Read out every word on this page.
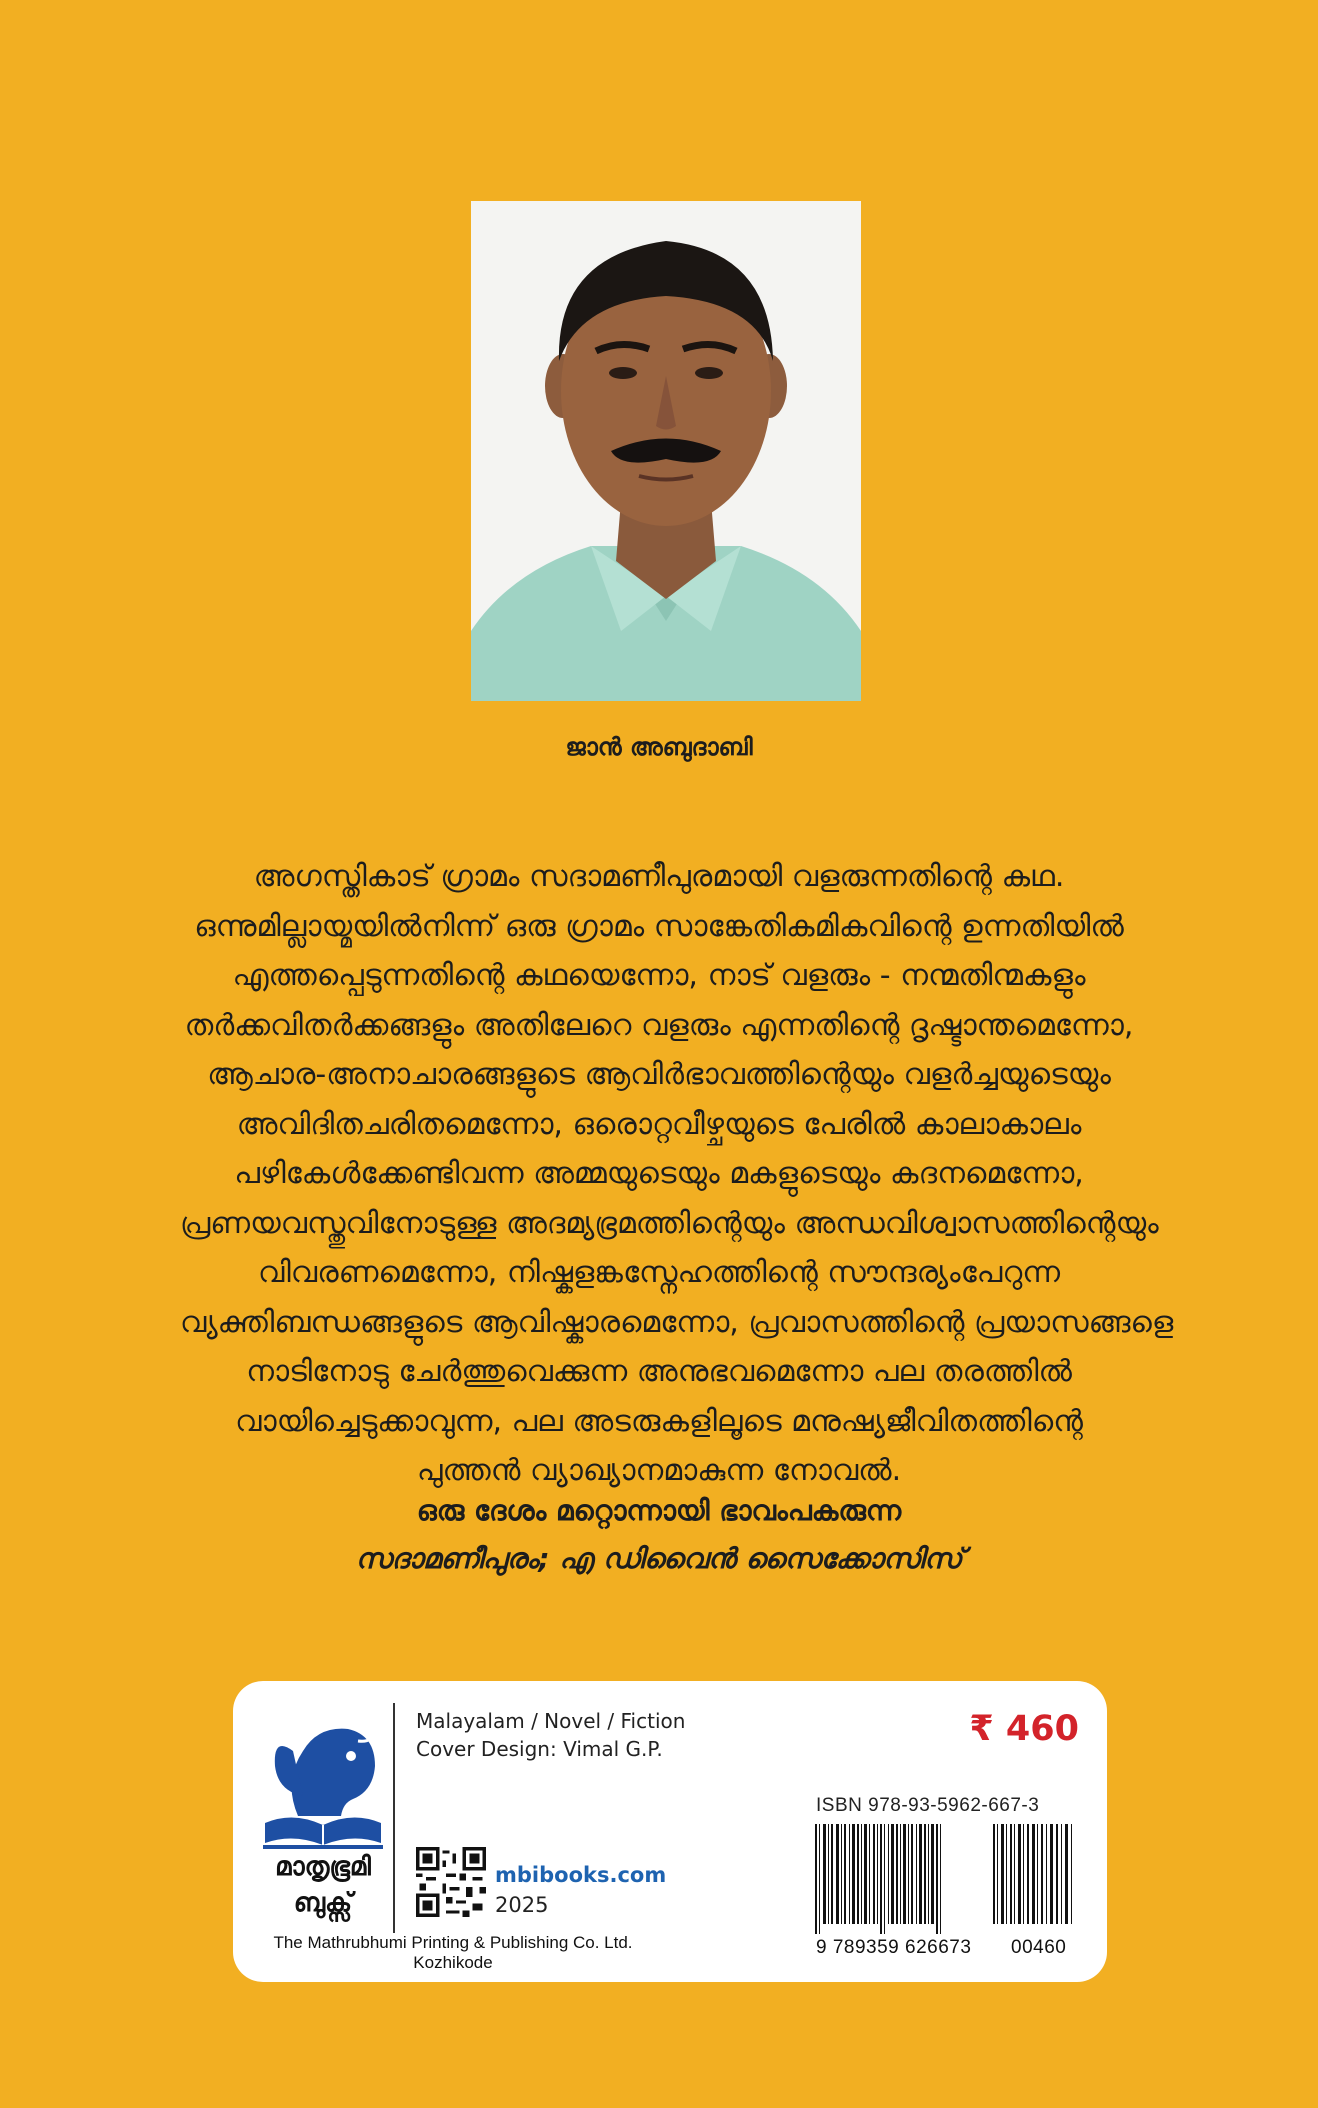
ജാൻ അബുദാബി
അഗസ്തികാട് ഗ്രാമം സദാമണീപുരമായി വളരുന്നതിന്റെ കഥ.
ഒന്നുമില്ലായ്മയിൽനിന്ന് ഒരു ഗ്രാമം സാങ്കേതികമികവിന്റെ ഉന്നതിയിൽ
എത്തപ്പെടുന്നതിന്റെ കഥയെന്നോ, നാട് വളരും - നന്മതിന്മകളും
തർക്കവിതർക്കങ്ങളും അതിലേറെ വളരും എന്നതിന്റെ ദൃഷ്ടാന്തമെന്നോ,
ആചാര-അനാചാരങ്ങളുടെ ആവിർഭാവത്തിന്റെയും വളർച്ചയുടെയും
അവിദിതചരിതമെന്നോ, ഒരൊറ്റവീഴ്ചയുടെ പേരിൽ കാലാകാലം
പഴികേൾക്കേണ്ടിവന്ന അമ്മയുടെയും മകളുടെയും കദനമെന്നോ,
പ്രണയവസ്തുവിനോടുള്ള അദമ്യഭ്രമത്തിന്റെയും അന്ധവിശ്വാസത്തിന്റെയും
വിവരണമെന്നോ, നിഷ്കളങ്കസ്നേഹത്തിന്റെ സൗന്ദര്യംപേറുന്ന
വ്യക്തിബന്ധങ്ങളുടെ ആവിഷ്കാരമെന്നോ, പ്രവാസത്തിന്റെ പ്രയാസങ്ങളെ
നാടിനോടു ചേർത്തുവെക്കുന്ന അനുഭവമെന്നോ പല തരത്തിൽ
വായിച്ചെടുക്കാവുന്ന, പല അടരുകളിലൂടെ മനുഷ്യജീവിതത്തിന്റെ
പുത്തൻ വ്യാഖ്യാനമാകുന്ന നോവൽ.
ഒരു ദേശം മറ്റൊന്നായി ഭാവംപകരുന്ന
സദാമണീപുരം; എ ഡിവൈൻ സൈക്കോസിസ്
മാതൃഭൂമി
ബുക്സ്
The Mathrubhumi Printing & Publishing Co. Ltd. Kozhikode
Malayalam / Novel / Fiction
Cover Design: Vimal G.P.	₹ 460
mbibooks.com
2025
ISBN 978-93-5962-667-3
9 789359 626673 00460
